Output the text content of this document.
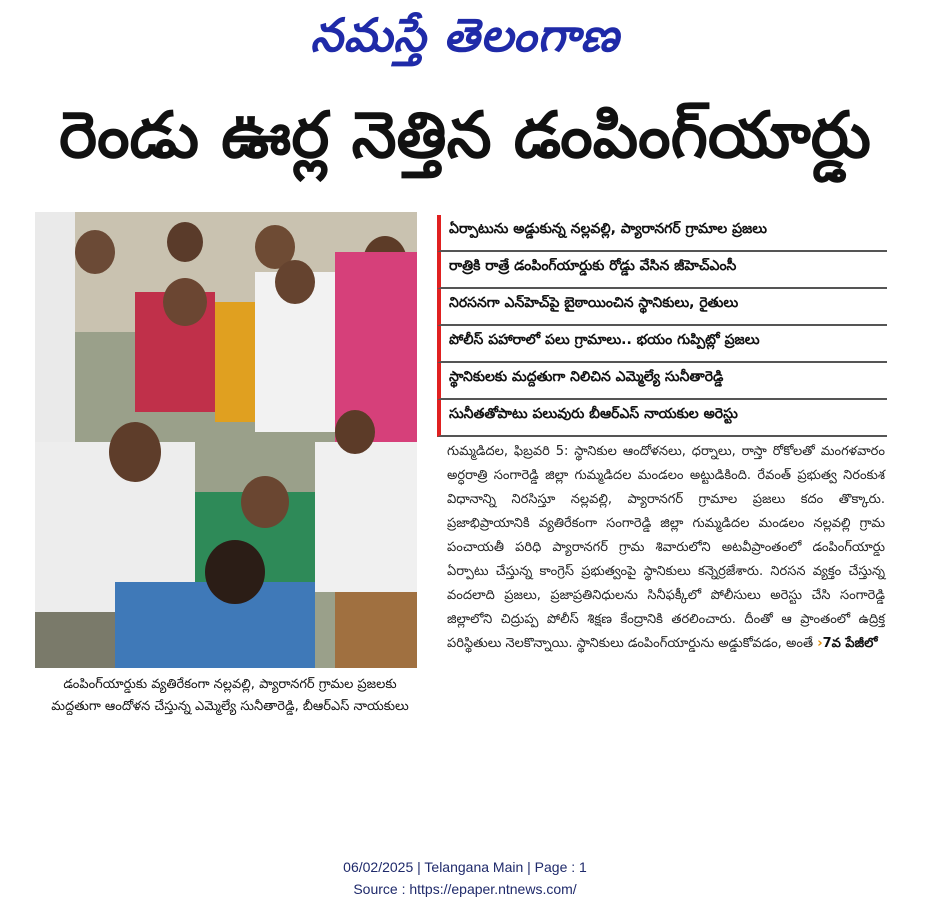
నమస్తే తెలంగాణ
రెండు ఊర్ల నెత్తిన డంపింగ్‌యార్డు
డంపింగ్‌యార్డుకు వ్యతిరేకంగా నల్లవల్లి, ప్యారానగర్ గ్రామల ప్రజలకు మద్దతుగా ఆందోళన చేస్తున్న ఎమ్మెల్యే సునీతారెడ్డి, బీఆర్‌ఎస్ నాయకులు
ఏర్పాటును అడ్డుకున్న నల్లవల్లి, ప్యారానగర్ గ్రామాల ప్రజలు
రాత్రికి రాత్రే డంపింగ్‌యార్డుకు రోడ్డు వేసిన జీహెచ్‌ఎంసీ
నిరసనగా ఎన్‌హెచ్‌పై బైఠాయించిన స్థానికులు, రైతులు
పోలీస్ పహారాలో పలు గ్రామాలు.. భయం గుప్పిట్లో ప్రజలు
స్థానికులకు మద్దతుగా నిలిచిన ఎమ్మెల్యే సునీతారెడ్డి
సునీతతోపాటు పలువురు బీఆర్‌ఎస్ నాయకుల అరెస్టు

గుమ్మడిదల, ఫిబ్రవరి 5: స్థానికుల ఆందోళనలు, ధర్నాలు, రాస్తా రోకోలతో మంగళవారం అర్ధరాత్రి సంగారెడ్డి జిల్లా గుమ్మడిదల మండలం అట్టుడికింది. రేవంత్ ప్రభుత్వ నిరంకుశ విధానాన్ని నిరసిస్తూ నల్లవల్లి, ప్యారానగర్ గ్రామాల ప్రజలు కదం తొక్కారు. ప్రజాభిప్రాయానికి వ్యతిరేకంగా సంగారెడ్డి జిల్లా గుమ్మడిదల మండలం నల్లవల్లి గ్రామ పంచాయతీ పరిధి ప్యారానగర్ గ్రామ శివారులోని అటవీప్రాంతంలో డంపింగ్‌యార్డు ఏర్పాటు చేస్తున్న కాంగ్రెస్ ప్రభుత్వంపై స్థానికులు కన్నెర్రజేశారు. నిరసన వ్యక్తం చేస్తున్న వందలాది ప్రజలు, ప్రజాప్రతినిధులను సినీఫక్కీలో పోలీసులు అరెస్టు చేసి సంగారెడ్డి జిల్లాలోని చిద్రుప్ప పోలీస్ శిక్షణ కేంద్రానికి తరలించారు. దీంతో ఆ ప్రాంతంలో ఉద్రిక్త పరిస్థితులు నెలకొన్నాయి. స్థానికులు డంపింగ్‌యార్డును అడ్డుకోవడం, అంతే ›7వ పేజీలో

06/02/2025 | Telangana Main | Page : 1
Source : https://epaper.ntnews.com/
